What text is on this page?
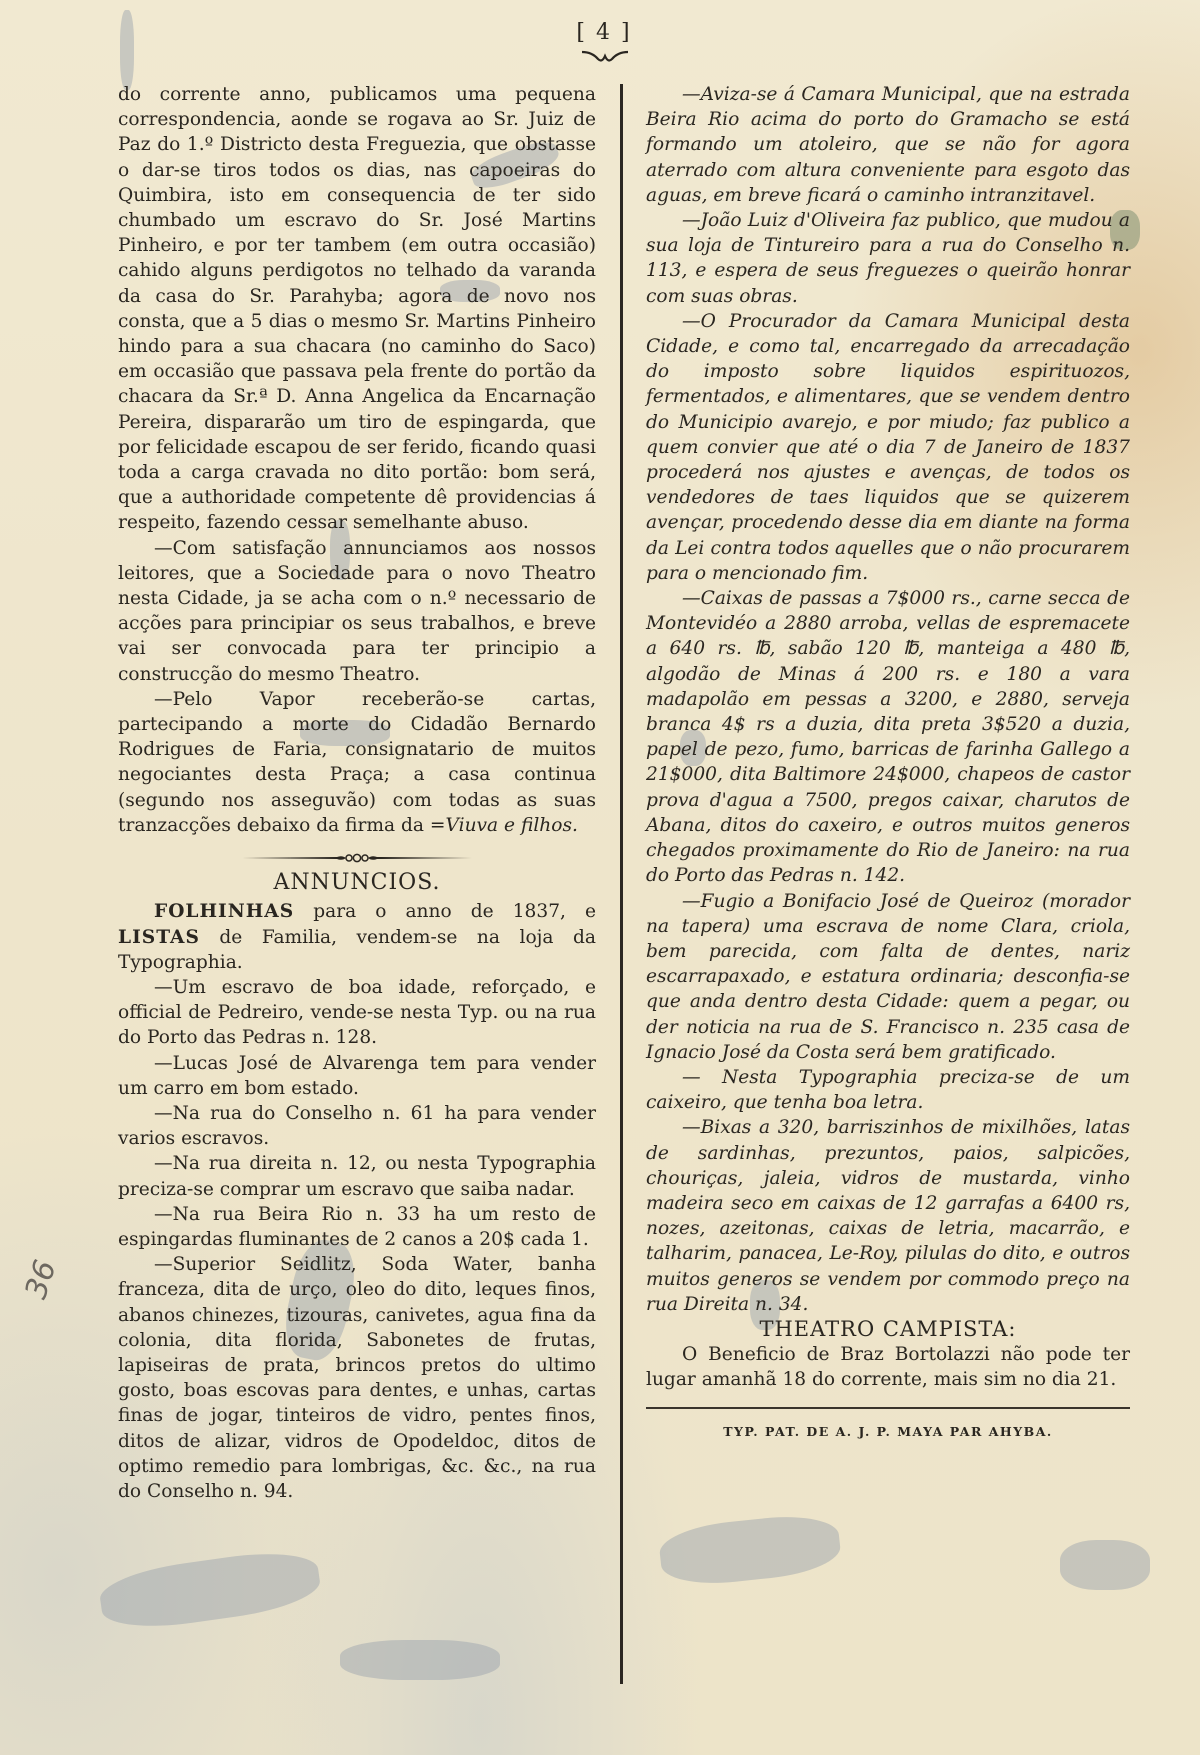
[ 4 ]
36

do corrente anno, publicamos uma pequena correspondencia, aonde se rogava ao Sr. Juiz de Paz do 1.º Districto desta Freguezia, que obstasse o dar-se tiros todos os dias, nas capoeiras do Quimbira, isto em consequencia de ter sido chumbado um escravo do Sr. José Martins Pinheiro, e por ter tambem (em outra occasião) cahido alguns perdigotos no telhado da varanda da casa do Sr. Parahyba; agora de novo nos consta, que a 5 dias o mesmo Sr. Martins Pinheiro hindo para a sua chacara (no caminho do Saco) em occasião que passava pela frente do portão da chacara da Sr.ª D. Anna Angelica da Encarnação Pereira, dispararão um tiro de espingarda, que por felicidade escapou de ser ferido, ficando quasi toda a carga cravada no dito portão: bom será, que a authoridade competente dê providencias á respeito, fazendo cessar semelhante abuso.

—Com satisfação annunciamos aos nossos leitores, que a Sociedade para o novo Theatro nesta Cidade, ja se acha com o n.º necessario de acções para principiar os seus trabalhos, e breve vai ser convocada para ter principio a construcção do mesmo Theatro.

—Pelo Vapor receberão-se cartas, partecipando a morte do Cidadão Bernardo Rodrigues de Faria, consignatario de muitos negociantes desta Praça; a casa continua (segundo nos asseguvão) com todas as suas tranzacções debaixo da firma da =Viuva e filhos.

ANNUNCIOS.

FOLHINHAS para o anno de 1837, e LISTAS de Familia, vendem-se na loja da Typographia.

—Um escravo de boa idade, reforçado, e official de Pedreiro, vende-se nesta Typ. ou na rua do Porto das Pedras n. 128.

—Lucas José de Alvarenga tem para vender um carro em bom estado.

—Na rua do Conselho n. 61 ha para vender varios escravos.

—Na rua direita n. 12, ou nesta Typographia preciza-se comprar um escravo que saiba nadar.

—Na rua Beira Rio n. 33 ha um resto de espingardas fluminantes de 2 canos a 20$ cada 1.

—Superior Seidlitz, Soda Water, banha franceza, dita de urço, oleo do dito, leques finos, abanos chinezes, tizouras, canivetes, agua fina da colonia, dita florida, Sabonetes de frutas, lapiseiras de prata, brincos pretos do ultimo gosto, boas escovas para dentes, e unhas, cartas finas de jogar, tinteiros de vidro, pentes finos, ditos de alizar, vidros de Opodeldoc, ditos de optimo remedio para lombrigas, &c. &c., na rua do Conselho n. 94.

—Aviza-se á Camara Municipal, que na estrada Beira Rio acima do porto do Gramacho se está formando um atoleiro, que se não for agora aterrado com altura conveniente para esgoto das aguas, em breve ficará o caminho intranzitavel.

—João Luiz d'Oliveira faz publico, que mudou a sua loja de Tintureiro para a rua do Conselho n. 113, e espera de seus freguezes o queirão honrar com suas obras.

—O Procurador da Camara Municipal desta Cidade, e como tal, encarregado da arrecadação do imposto sobre liquidos espirituozos, fermentados, e alimentares, que se vendem dentro do Municipio avarejo, e por miudo; faz publico a quem convier que até o dia 7 de Janeiro de 1837 procederá nos ajustes e avenças, de todos os vendedores de taes liquidos que se quizerem avençar, procedendo desse dia em diante na forma da Lei contra todos aquelles que o não procurarem para o mencionado fim.

—Caixas de passas a 7$000 rs., carne secca de Montevidéo a 2880 arroba, vellas de espremacete a 640 rs. ℔, sabão 120 ℔, manteiga a 480 ℔, algodão de Minas á 200 rs. e 180 a vara madapolão em pessas a 3200, e 2880, serveja branca 4$ rs a duzia, dita preta 3$520 a duzia, papel de pezo, fumo, barricas de farinha Gallego a 21$000, dita Baltimore 24$000, chapeos de castor prova d'agua a 7500, pregos caixar, charutos de Abana, ditos do caxeiro, e outros muitos generos chegados proximamente do Rio de Janeiro: na rua do Porto das Pedras n. 142.

—Fugio a Bonifacio José de Queiroz (morador na tapera) uma escrava de nome Clara, criola, bem parecida, com falta de dentes, nariz escarrapaxado, e estatura ordinaria; desconfia-se que anda dentro desta Cidade: quem a pegar, ou der noticia na rua de S. Francisco n. 235 casa de Ignacio José da Costa será bem gratificado.

— Nesta Typographia preciza-se de um caixeiro, que tenha boa letra.

—Bixas a 320, barriszinhos de mixilhões, latas de sardinhas, prezuntos, paios, salpicões, chouriças, jaleia, vidros de mustarda, vinho madeira seco em caixas de 12 garrafas a 6400 rs, nozes, azeitonas, caixas de letria, macarrão, e talharim, panacea, Le-Roy, pilulas do dito, e outros muitos generos se vendem por commodo preço na rua Direita n. 34.

THEATRO CAMPISTA:

O Beneficio de Braz Bortolazzi não pode ter lugar amanhã 18 do corrente, mais sim no dia 21.

TYP. PAT. DE A. J. P. MAYA PAR AHYBA.
